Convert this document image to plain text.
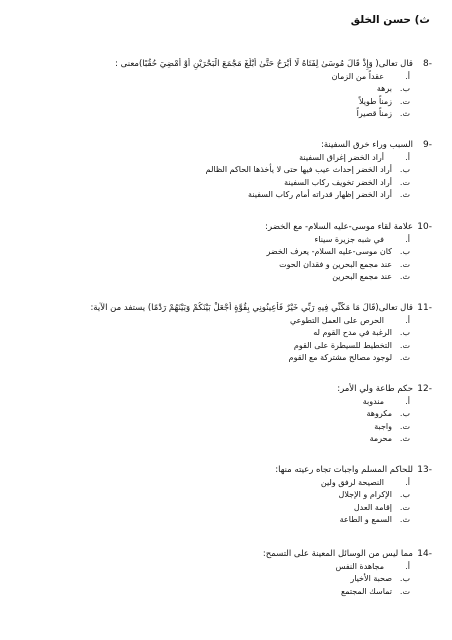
ث) حسن الخلق
8-
قال تعالى( وَإِذْ قَالَ مُوسَىٰ لِفَتَاهُ لَا أَبْرَحُ حَتَّىٰ أَبْلُغَ مَجْمَعَ الْبَحْرَيْنِ أَوْ أَمْضِيَ حُقُبًا)معنى :
أ.
عقداً من الزمان
ب.
برهة
ت.
زمناً طويلاً
ث.
زمناً قصيراً
9-
السبب وراء خرق السفينة:
أ.
أراد الخضر إغراق السفينة
ب.
أراد الخضر إحداث عيب فيها حتى لا يأخذها الحاكم الظالم
ت.
أراد الخضر تخويف ركاب السفينة
ث.
أراد الخضر إظهار قدراته أمام ركاب السفينة
10-
علامة لقاء موسى-عليه السلام- مع الخضر:
أ.
في شبه جزيرة سيناء
ب.
كان موسى-عليه السلام- يعرف الخضر
ت.
عند مجمع البحرين و فقدان الحوت
ث.
عند مجمع البحرين
11-
قال تعالى(قَالَ مَا مَكَّنِّي فِيهِ رَبِّي خَيْرٌ فَأَعِينُونِي بِقُوَّةٍ أَجْعَلْ بَيْنَكُمْ وَبَيْنَهُمْ رَدْمًا) يستفد من الآية:
أ.
الحرص على العمل التطوعي
ب.
الرغبة في مدح القوم له
ت.
التخطيط للسيطرة على القوم
ث.
لوجود مصالح مشتركة مع القوم
12-
حكم طاعة ولي الأمر:
أ.
مندوبة
ب.
مكروهة
ت.
واجبة
ث.
محرمة
13-
للحاكم المسلم واجبات تجاه رعيته منها:
أ.
النصيحة لرفق ولين
ب.
الإكرام و الإجلال
ت.
إقامة العدل
ث.
السمع و الطاعة
14-
مما ليس من الوسائل المعينة على التسمح:
أ.
مجاهدة النفس
ب.
صحبة الأخيار
ت.
تماسك المجتمع
